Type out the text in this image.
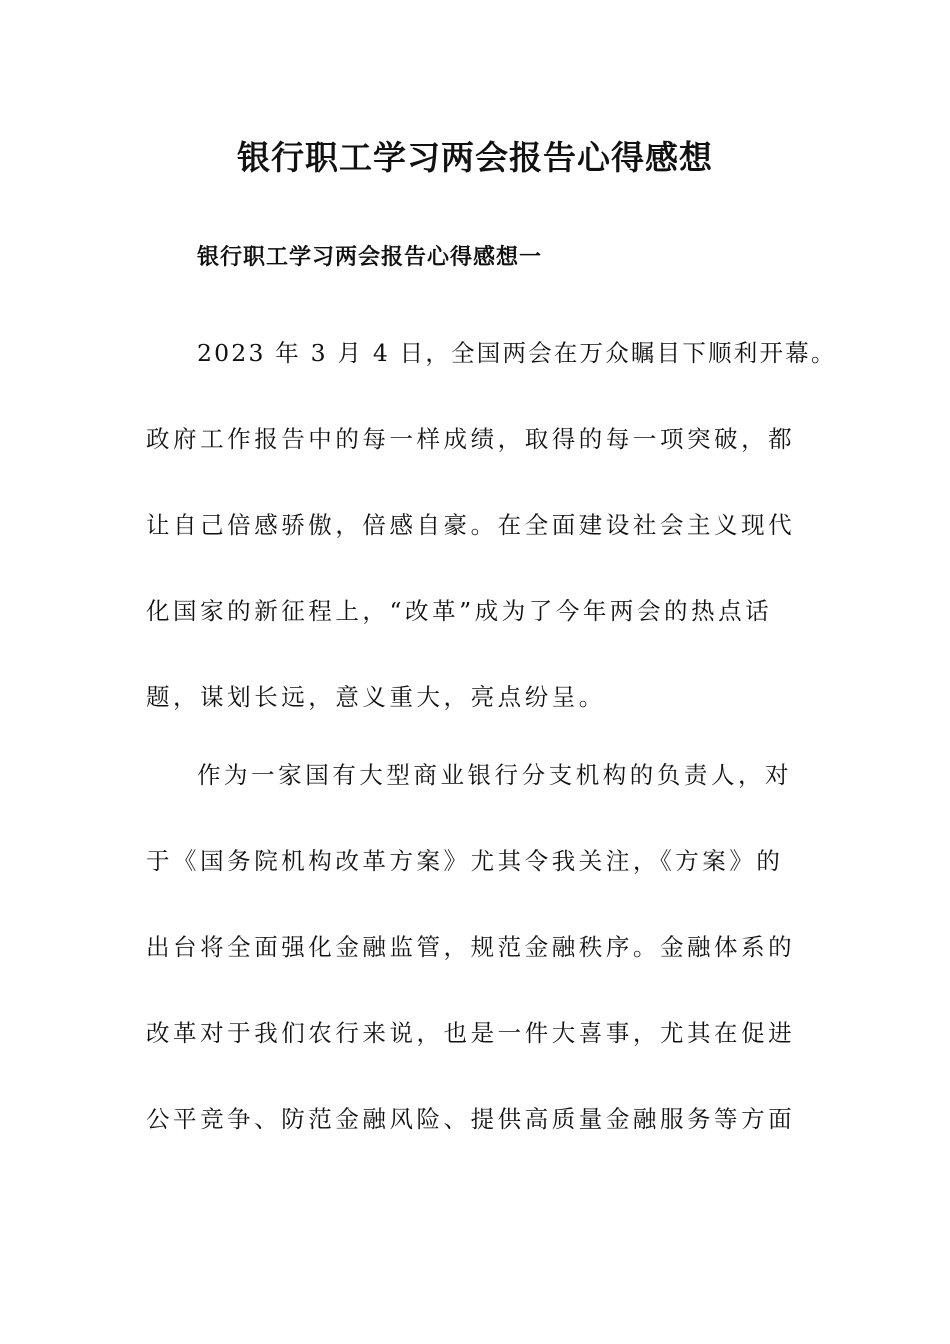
银行职工学习两会报告心得感想
银行职工学习两会报告心得感想一

2023 年 3 月 4 日，全国两会在万众瞩目下顺利开幕。

政府工作报告中的每一样成绩，取得的每一项突破，都

让自己倍感骄傲，倍感自豪。在全面建设社会主义现代

化国家的新征程上，“改革”成为了今年两会的热点话

题，谋划长远，意义重大，亮点纷呈。

作为一家国有大型商业银行分支机构的负责人，对

于《国务院机构改革方案》尤其令我关注，《方案》的

出台将全面强化金融监管，规范金融秩序。金融体系的

改革对于我们农行来说，也是一件大喜事，尤其在促进

公平竞争、防范金融风险、提供高质量金融服务等方面
